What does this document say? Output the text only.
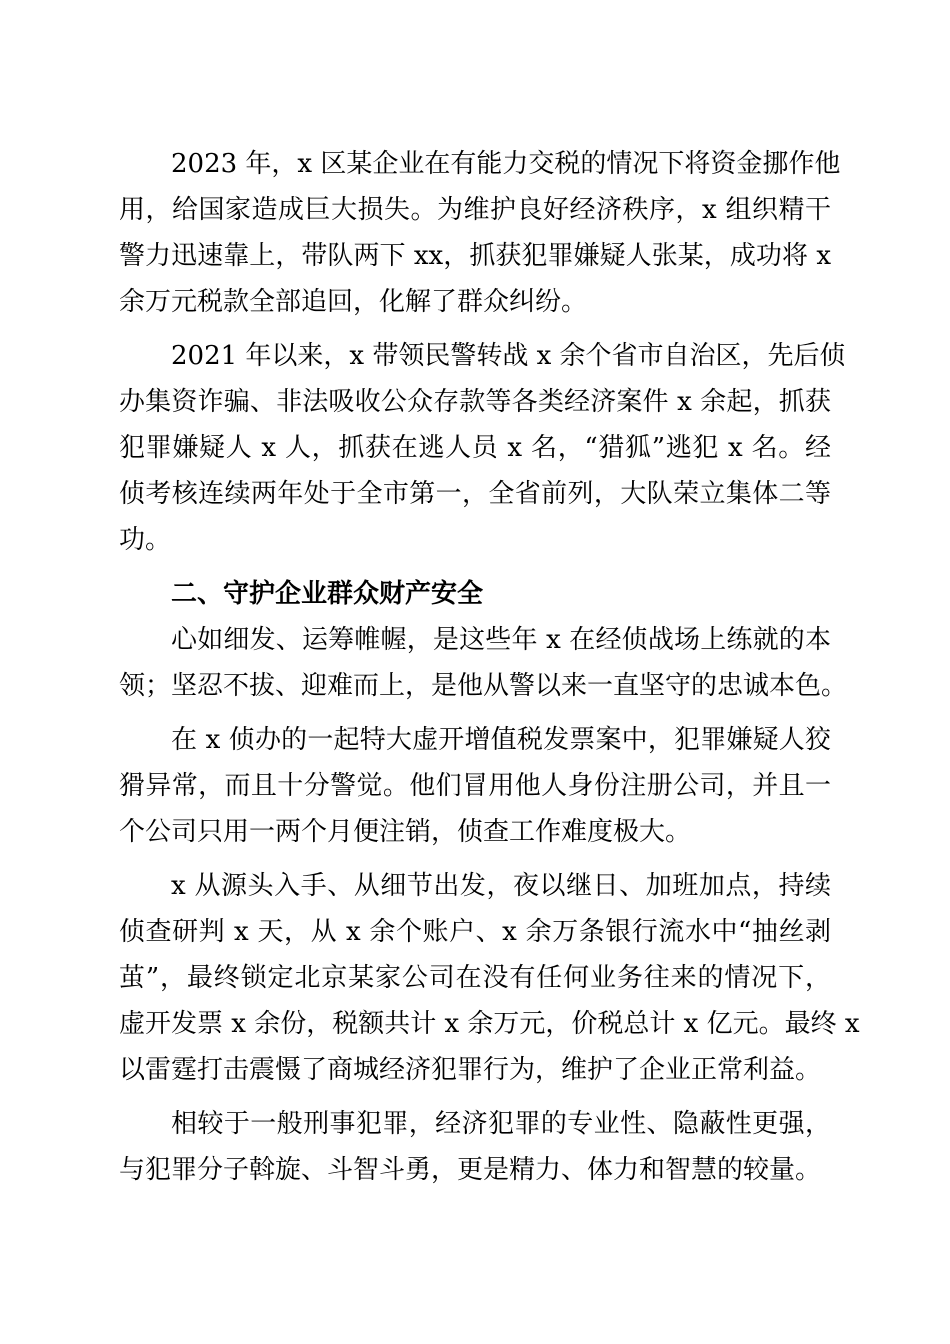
2023 年，x 区某企业在有能力交税的情况下将资金挪作他
用，给国家造成巨大损失。为维护良好经济秩序，x 组织精干
警力迅速靠上，带队两下 xx，抓获犯罪嫌疑人张某，成功将 x
余万元税款全部追回，化解了群众纠纷。
2021 年以来，x 带领民警转战 x 余个省市自治区，先后侦
办集资诈骗、非法吸收公众存款等各类经济案件 x 余起，抓获
犯罪嫌疑人 x 人，抓获在逃人员 x 名，“猎狐”逃犯 x 名。经
侦考核连续两年处于全市第一，全省前列，大队荣立集体二等
功。
二、守护企业群众财产安全
心如细发、运筹帷幄，是这些年 x 在经侦战场上练就的本
领；坚忍不拔、迎难而上，是他从警以来一直坚守的忠诚本色。
在 x 侦办的一起特大虚开增值税发票案中，犯罪嫌疑人狡
猾异常，而且十分警觉。他们冒用他人身份注册公司，并且一
个公司只用一两个月便注销，侦查工作难度极大。
x 从源头入手、从细节出发，夜以继日、加班加点，持续
侦查研判 x 天，从 x 余个账户、x 余万条银行流水中“抽丝剥
茧”，最终锁定北京某家公司在没有任何业务往来的情况下，
虚开发票 x 余份，税额共计 x 余万元，价税总计 x 亿元。最终 x
以雷霆打击震慑了商城经济犯罪行为，维护了企业正常利益。
相较于一般刑事犯罪，经济犯罪的专业性、隐蔽性更强，
与犯罪分子斡旋、斗智斗勇，更是精力、体力和智慧的较量。
